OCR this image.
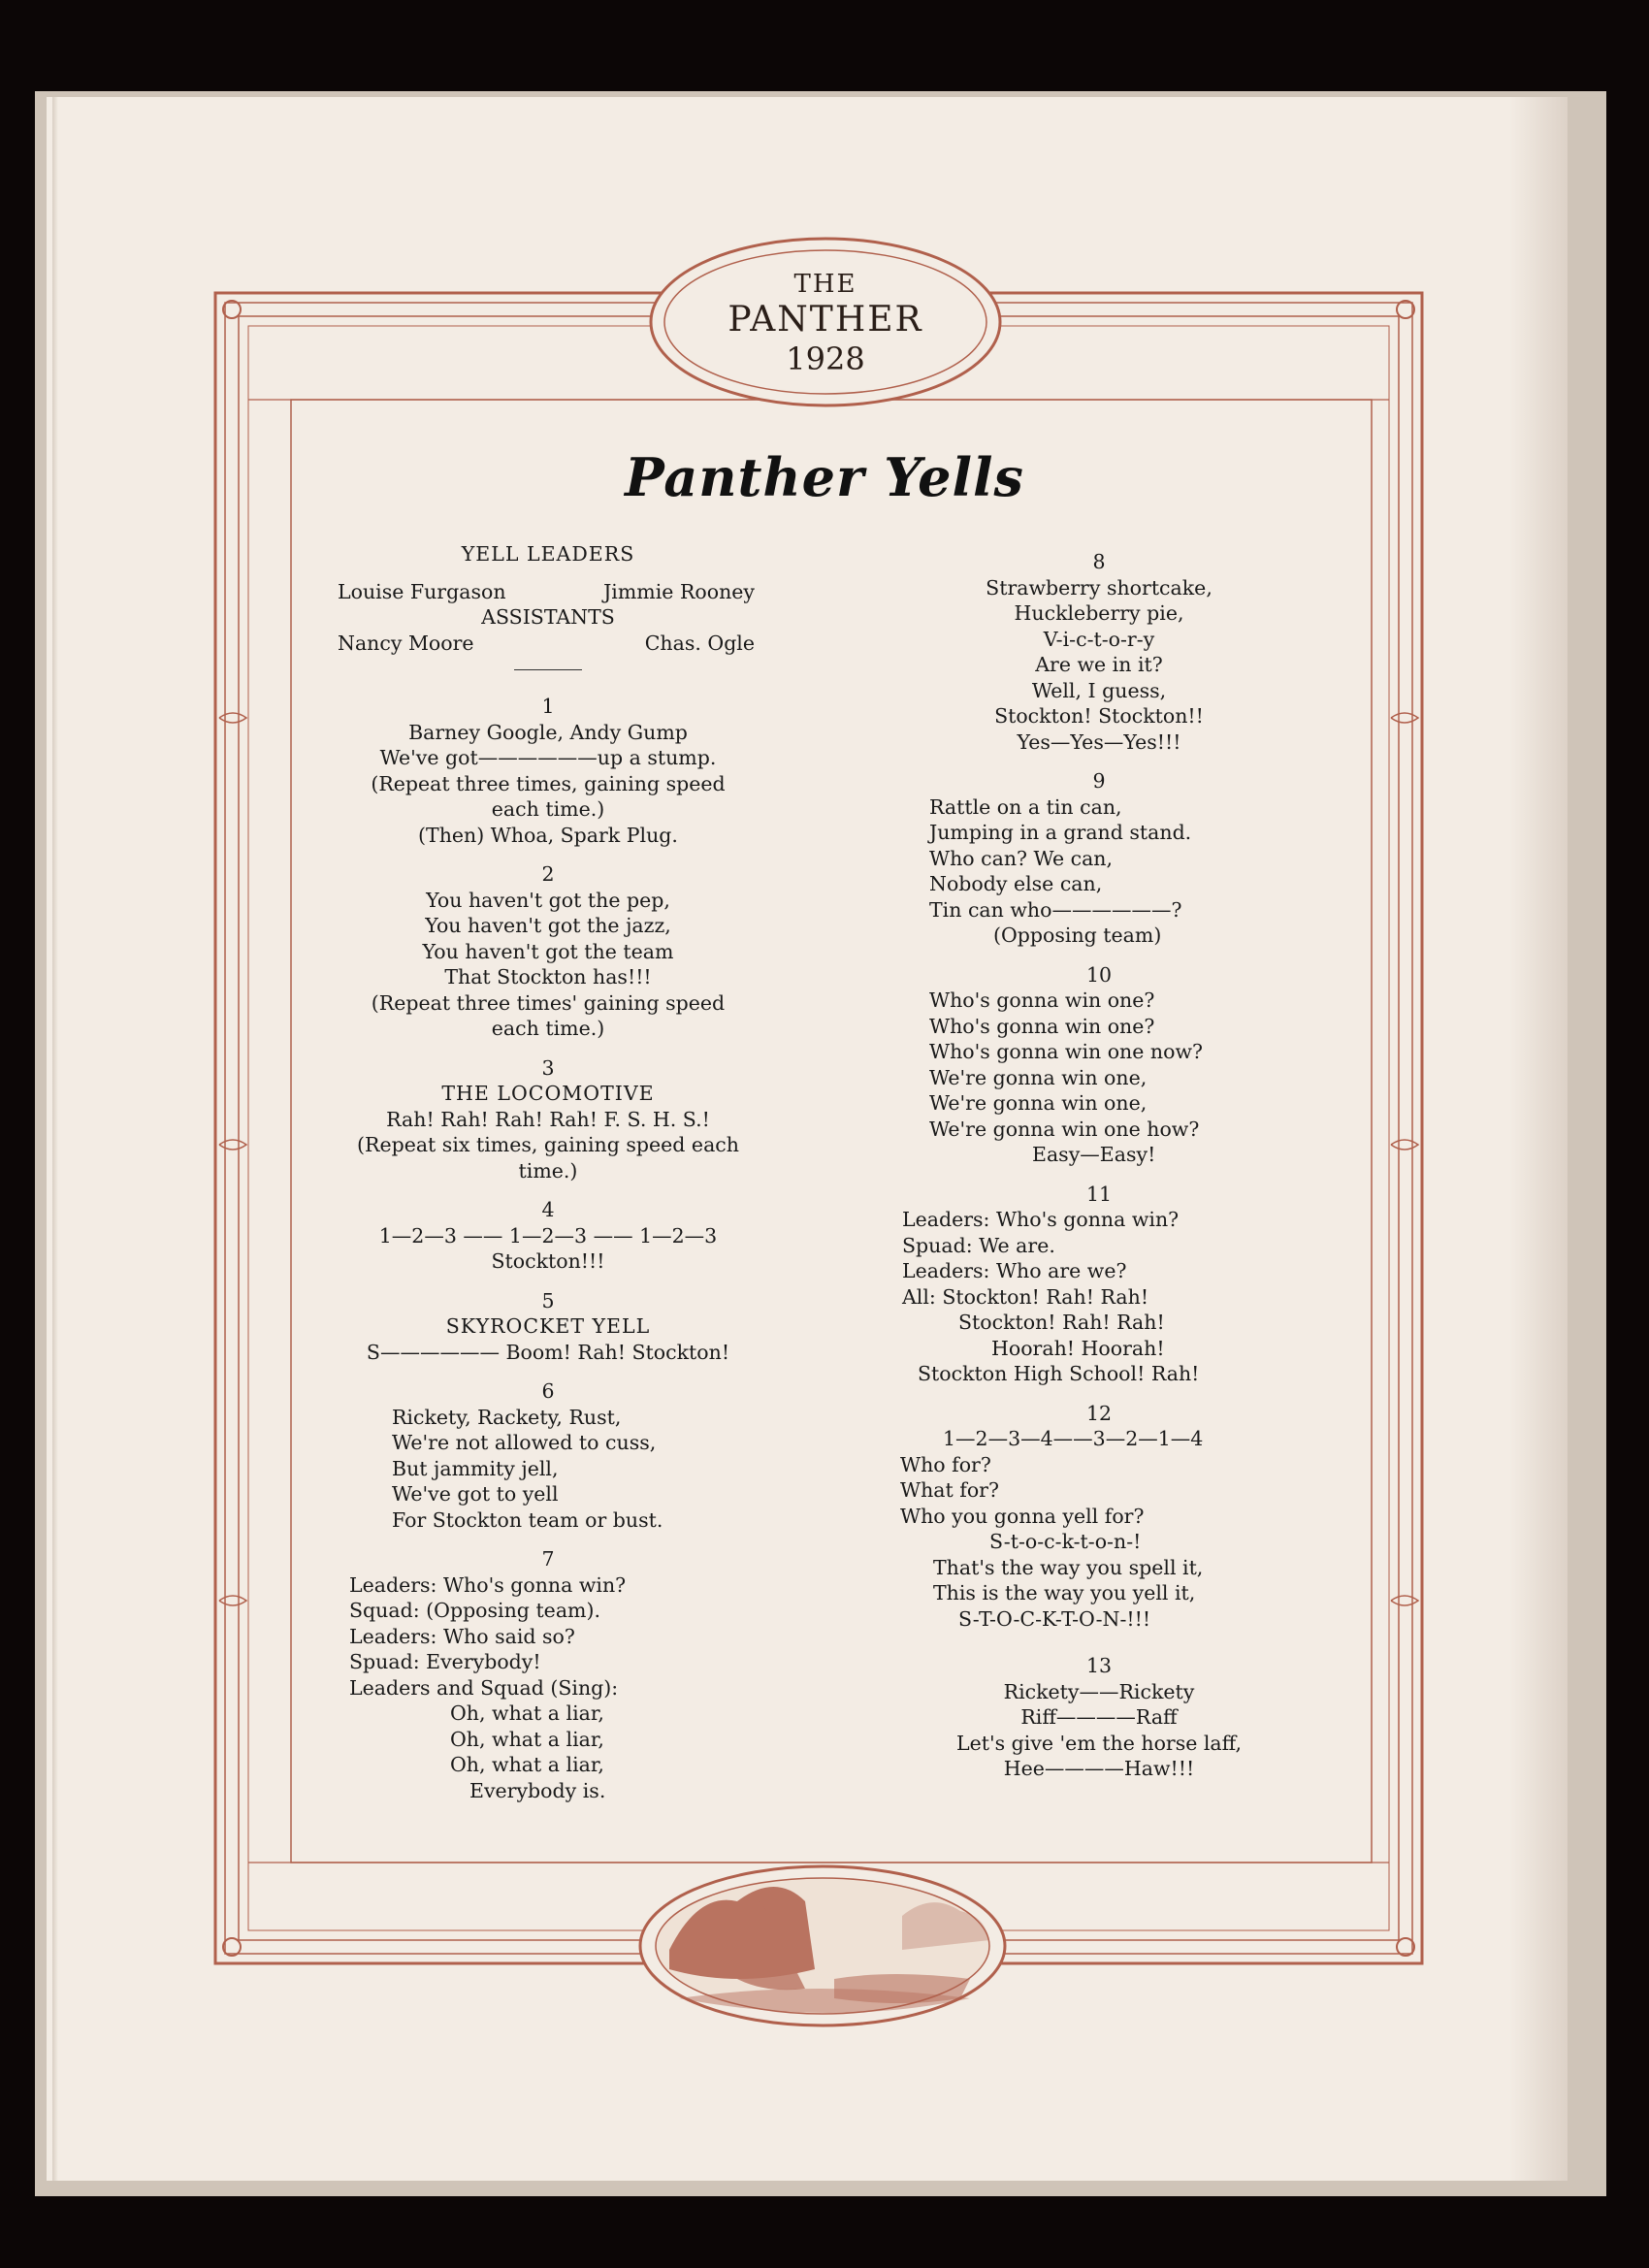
THE
PANTHER
1928
Panther Yells
YELL LEADERS
Louise Furgason	Jimmie Rooney
ASSISTANTS
Nancy Moore	Chas. Ogle
1
Barney Google, Andy Gump
We've got——————up a stump.
(Repeat three times, gaining speed
each time.)
(Then) Whoa, Spark Plug.
2
You haven't got the pep,
You haven't got the jazz,
You haven't got the team
That Stockton has!!!
(Repeat three times' gaining speed
each time.)
3
THE LOCOMOTIVE
Rah! Rah! Rah! Rah! F. S. H. S.!
(Repeat six times, gaining speed each
time.)
4
1—2—3 —— 1—2—3 —— 1—2—3
Stockton!!!
5
SKYROCKET YELL
S—————— Boom! Rah! Stockton!
6
Rickety, Rackety, Rust,
We're not allowed to cuss,
But jammity jell,
We've got to yell
For Stockton team or bust.
7
Leaders: Who's gonna win?
Squad: (Opposing team).
Leaders: Who said so?
Spuad: Everybody!
Leaders and Squad (Sing):
Oh, what a liar,
Oh, what a liar,
Oh, what a liar,
Everybody is.
8
Strawberry shortcake,
Huckleberry pie,
V-i-c-t-o-r-y
Are we in it?
Well, I guess,
Stockton! Stockton!!
Yes—Yes—Yes!!!
9
Rattle on a tin can,
Jumping in a grand stand.
Who can? We can,
Nobody else can,
Tin can who——————?
(Opposing team)
10
Who's gonna win one?
Who's gonna win one?
Who's gonna win one now?
We're gonna win one,
We're gonna win one,
We're gonna win one how?
Easy—Easy!
11
Leaders: Who's gonna win?
Spuad: We are.
Leaders: Who are we?
All: Stockton! Rah! Rah!
Stockton! Rah! Rah!
Hoorah! Hoorah!
Stockton High School! Rah!
12
1—2—3—4——3—2—1—4
Who for?
What for?
Who you gonna yell for?
S-t-o-c-k-t-o-n-!
That's the way you spell it,
This is the way you yell it,
S-T-O-C-K-T-O-N-!!!
13
Rickety——Rickety
Riff————Raff
Let's give 'em the horse laff,
Hee————Haw!!!
